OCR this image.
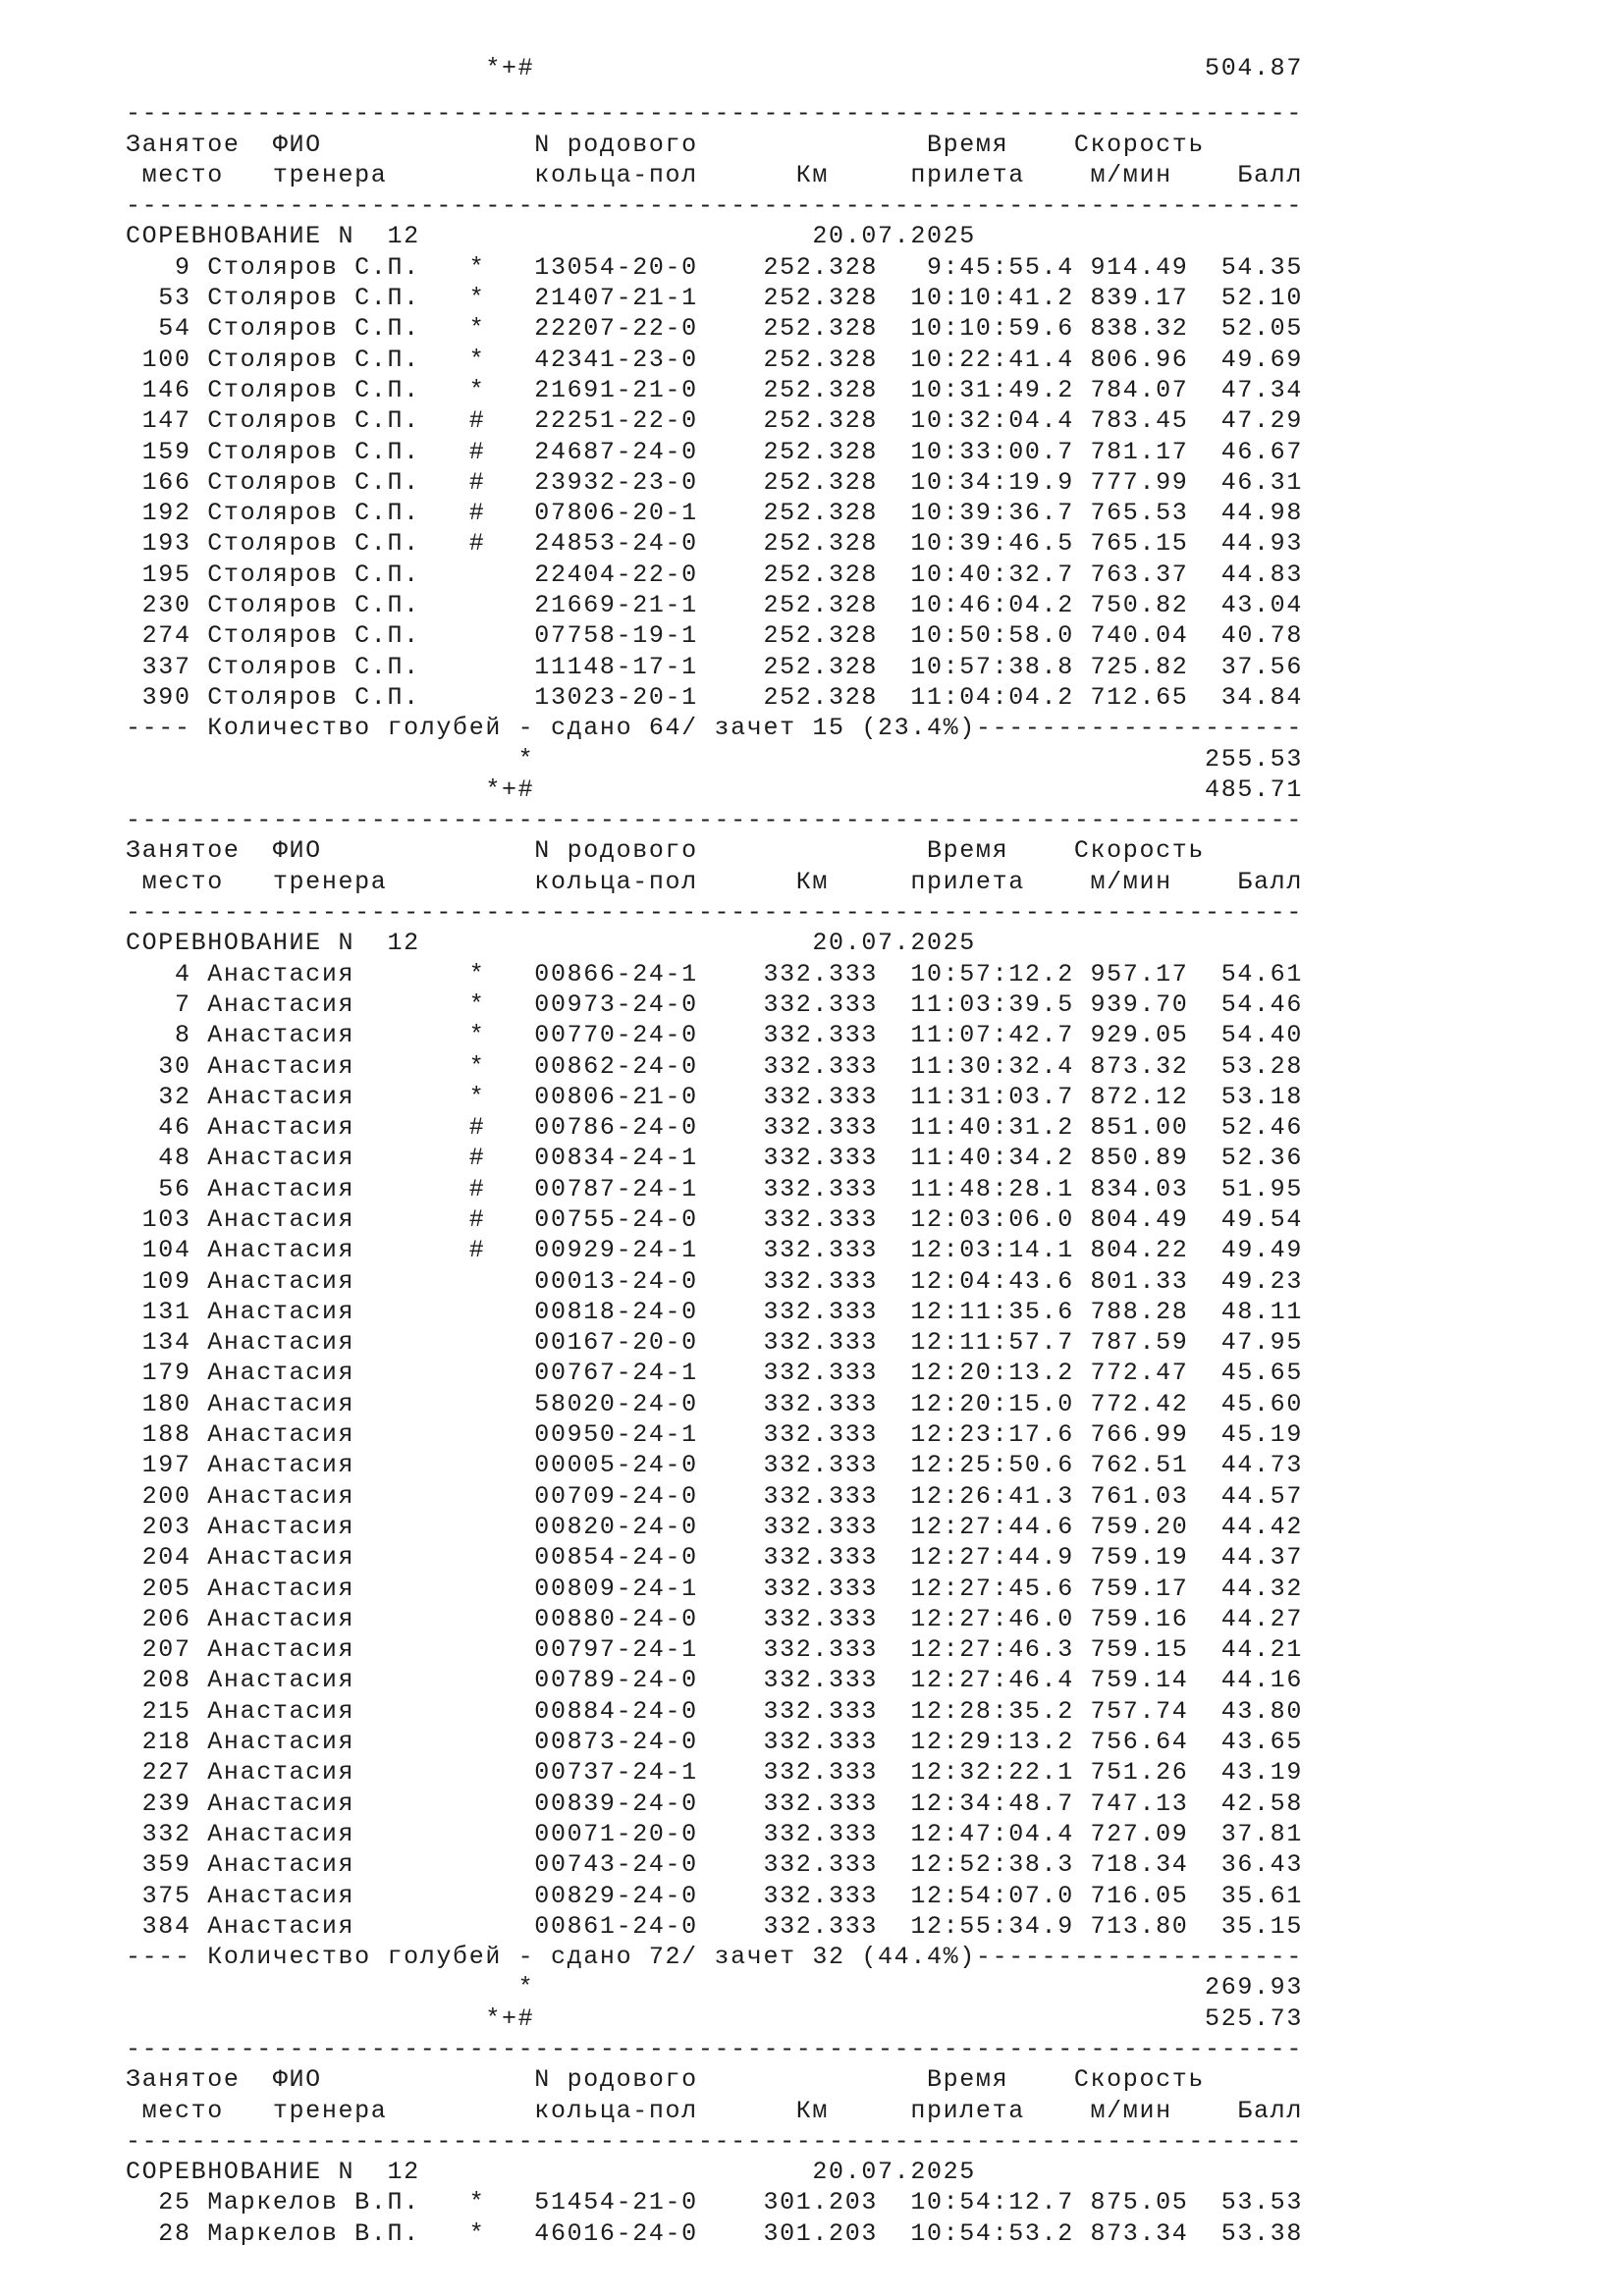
*+#                                         504.87
------------------------------------------------------------------------
Занятое  ФИО             N родового              Время    Скорость
место   тренера         кольца-пол      Км     прилета    м/мин    Балл
------------------------------------------------------------------------
СОРЕВНОВАНИЕ N  12                        20.07.2025
9 Столяров С.П.   *   13054-20-0    252.328   9:45:55.4 914.49  54.35
53 Столяров С.П.   *   21407-21-1    252.328  10:10:41.2 839.17  52.10
54 Столяров С.П.   *   22207-22-0    252.328  10:10:59.6 838.32  52.05
100 Столяров С.П.   *   42341-23-0    252.328  10:22:41.4 806.96  49.69
146 Столяров С.П.   *   21691-21-0    252.328  10:31:49.2 784.07  47.34
147 Столяров С.П.   #   22251-22-0    252.328  10:32:04.4 783.45  47.29
159 Столяров С.П.   #   24687-24-0    252.328  10:33:00.7 781.17  46.67
166 Столяров С.П.   #   23932-23-0    252.328  10:34:19.9 777.99  46.31
192 Столяров С.П.   #   07806-20-1    252.328  10:39:36.7 765.53  44.98
193 Столяров С.П.   #   24853-24-0    252.328  10:39:46.5 765.15  44.93
195 Столяров С.П.       22404-22-0    252.328  10:40:32.7 763.37  44.83
230 Столяров С.П.       21669-21-1    252.328  10:46:04.2 750.82  43.04
274 Столяров С.П.       07758-19-1    252.328  10:50:58.0 740.04  40.78
337 Столяров С.П.       11148-17-1    252.328  10:57:38.8 725.82  37.56
390 Столяров С.П.       13023-20-1    252.328  11:04:04.2 712.65  34.84
---- Количество голубей - сдано 64/ зачет 15 (23.4%)--------------------
*                                         255.53
*+#                                         485.71
------------------------------------------------------------------------
Занятое  ФИО             N родового              Время    Скорость
место   тренера         кольца-пол      Км     прилета    м/мин    Балл
------------------------------------------------------------------------
СОРЕВНОВАНИЕ N  12                        20.07.2025
4 Анастасия       *   00866-24-1    332.333  10:57:12.2 957.17  54.61
7 Анастасия       *   00973-24-0    332.333  11:03:39.5 939.70  54.46
8 Анастасия       *   00770-24-0    332.333  11:07:42.7 929.05  54.40
30 Анастасия       *   00862-24-0    332.333  11:30:32.4 873.32  53.28
32 Анастасия       *   00806-21-0    332.333  11:31:03.7 872.12  53.18
46 Анастасия       #   00786-24-0    332.333  11:40:31.2 851.00  52.46
48 Анастасия       #   00834-24-1    332.333  11:40:34.2 850.89  52.36
56 Анастасия       #   00787-24-1    332.333  11:48:28.1 834.03  51.95
103 Анастасия       #   00755-24-0    332.333  12:03:06.0 804.49  49.54
104 Анастасия       #   00929-24-1    332.333  12:03:14.1 804.22  49.49
109 Анастасия           00013-24-0    332.333  12:04:43.6 801.33  49.23
131 Анастасия           00818-24-0    332.333  12:11:35.6 788.28  48.11
134 Анастасия           00167-20-0    332.333  12:11:57.7 787.59  47.95
179 Анастасия           00767-24-1    332.333  12:20:13.2 772.47  45.65
180 Анастасия           58020-24-0    332.333  12:20:15.0 772.42  45.60
188 Анастасия           00950-24-1    332.333  12:23:17.6 766.99  45.19
197 Анастасия           00005-24-0    332.333  12:25:50.6 762.51  44.73
200 Анастасия           00709-24-0    332.333  12:26:41.3 761.03  44.57
203 Анастасия           00820-24-0    332.333  12:27:44.6 759.20  44.42
204 Анастасия           00854-24-0    332.333  12:27:44.9 759.19  44.37
205 Анастасия           00809-24-1    332.333  12:27:45.6 759.17  44.32
206 Анастасия           00880-24-0    332.333  12:27:46.0 759.16  44.27
207 Анастасия           00797-24-1    332.333  12:27:46.3 759.15  44.21
208 Анастасия           00789-24-0    332.333  12:27:46.4 759.14  44.16
215 Анастасия           00884-24-0    332.333  12:28:35.2 757.74  43.80
218 Анастасия           00873-24-0    332.333  12:29:13.2 756.64  43.65
227 Анастасия           00737-24-1    332.333  12:32:22.1 751.26  43.19
239 Анастасия           00839-24-0    332.333  12:34:48.7 747.13  42.58
332 Анастасия           00071-20-0    332.333  12:47:04.4 727.09  37.81
359 Анастасия           00743-24-0    332.333  12:52:38.3 718.34  36.43
375 Анастасия           00829-24-0    332.333  12:54:07.0 716.05  35.61
384 Анастасия           00861-24-0    332.333  12:55:34.9 713.80  35.15
---- Количество голубей - сдано 72/ зачет 32 (44.4%)--------------------
*                                         269.93
*+#                                         525.73
------------------------------------------------------------------------
Занятое  ФИО             N родового              Время    Скорость
место   тренера         кольца-пол      Км     прилета    м/мин    Балл
------------------------------------------------------------------------
СОРЕВНОВАНИЕ N  12                        20.07.2025
25 Маркелов В.П.   *   51454-21-0    301.203  10:54:12.7 875.05  53.53
28 Маркелов В.П.   *   46016-24-0    301.203  10:54:53.2 873.34  53.38
